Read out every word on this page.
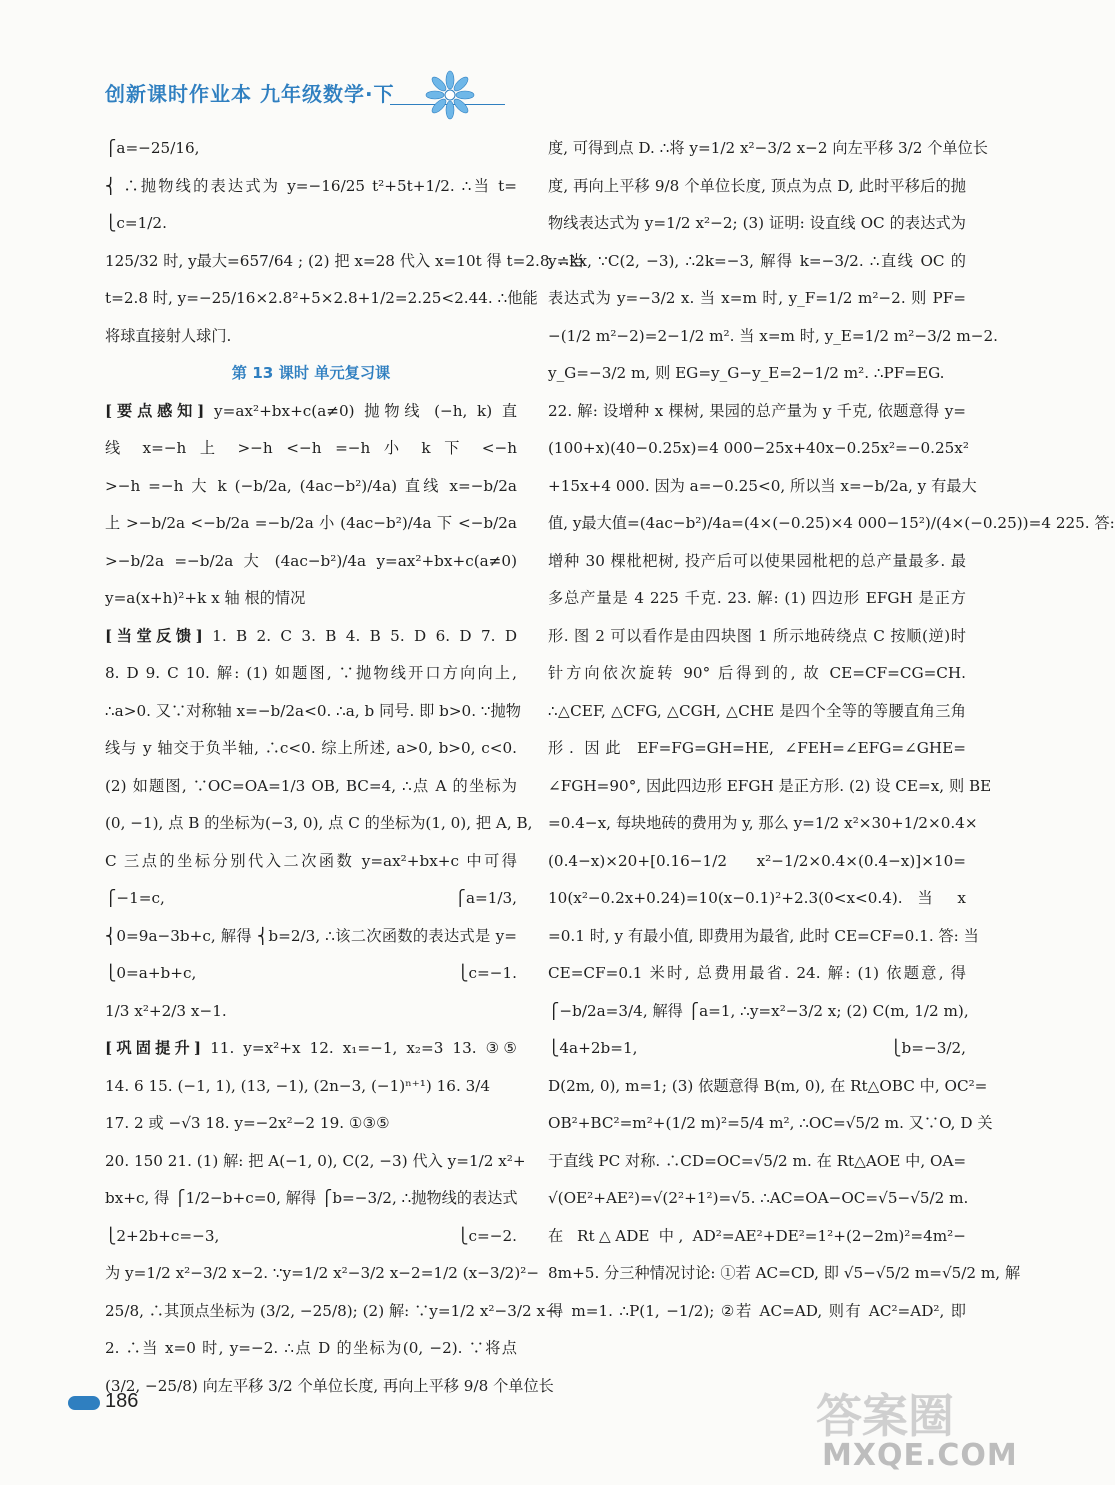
创新课时作业本 九年级数学·下

⎧a=−25/16,

⎨ ∴抛物线的表达式为 y=−16/25 t²+5t+1/2. ∴当 t=

⎩c=1/2.

125/32 时, y最大=657/64 ; (2) 把 x=28 代入 x=10t 得 t=2.8, ∴当

t=2.8 时, y=−25/16×2.8²+5×2.8+1/2=2.25<2.44. ∴他能

将球直接射人球门.

第 13 课时 单元复习课

[要点感知] y=ax²+bx+c(a≠0) 抛物线 (−h, k) 直

线 x=−h 上 >−h <−h =−h 小 k 下 <−h

>−h =−h 大 k (−b/2a, (4ac−b²)/4a) 直线 x=−b/2a

上 >−b/2a <−b/2a =−b/2a 小 (4ac−b²)/4a 下 <−b/2a

>−b/2a =−b/2a 大 (4ac−b²)/4a y=ax²+bx+c(a≠0)

y=a(x+h)²+k x 轴 根的情况

[当堂反馈] 1. B 2. C 3. B 4. B 5. D 6. D 7. D

8. D 9. C 10. 解: (1) 如题图, ∵抛物线开口方向向上,

∴a>0. 又∵对称轴 x=−b/2a<0. ∴a, b 同号. 即 b>0. ∵抛物

线与 y 轴交于负半轴, ∴c<0. 综上所述, a>0, b>0, c<0.

(2) 如题图, ∵OC=OA=1/3 OB, BC=4, ∴点 A 的坐标为

(0, −1), 点 B 的坐标为(−3, 0), 点 C 的坐标为(1, 0), 把 A, B,

C 三点的坐标分别代入二次函数 y=ax²+bx+c 中可得

⎧−1=c, ⎧a=1/3,

⎨0=9a−3b+c, 解得 ⎨b=2/3, ∴该二次函数的表达式是 y=

⎩0=a+b+c, ⎩c=−1.

1/3 x²+2/3 x−1.

[巩固提升] 11. y=x²+x 12. x₁=−1, x₂=3 13. ③⑤

14. 6 15. (−1, 1), (13, −1), (2n−3, (−1)ⁿ⁺¹) 16. 3/4

17. 2 或 −√3 18. y=−2x²−2 19. ①③⑤

20. 150 21. (1) 解: 把 A(−1, 0), C(2, −3) 代入 y=1/2 x²+

bx+c, 得 ⎧1/2−b+c=0, 解得 ⎧b=−3/2, ∴抛物线的表达式

⎩2+2b+c=−3, ⎩c=−2.

为 y=1/2 x²−3/2 x−2. ∵y=1/2 x²−3/2 x−2=1/2 (x−3/2)²−

25/8, ∴其顶点坐标为 (3/2, −25/8); (2) 解: ∵y=1/2 x²−3/2 x−

2. ∴当 x=0 时, y=−2. ∴点 D 的坐标为(0, −2). ∵将点

(3/2, −25/8) 向左平移 3/2 个单位长度, 再向上平移 9/8 个单位长

度, 可得到点 D. ∴将 y=1/2 x²−3/2 x−2 向左平移 3/2 个单位长

度, 再向上平移 9/8 个单位长度, 顶点为点 D, 此时平移后的抛

物线表达式为 y=1/2 x²−2; (3) 证明: 设直线 OC 的表达式为

y=kx, ∵C(2, −3), ∴2k=−3, 解得 k=−3/2. ∴直线 OC 的

表达式为 y=−3/2 x. 当 x=m 时, y_F=1/2 m²−2. 则 PF=

−(1/2 m²−2)=2−1/2 m². 当 x=m 时, y_E=1/2 m²−3/2 m−2.

y_G=−3/2 m, 则 EG=y_G−y_E=2−1/2 m². ∴PF=EG.

22. 解: 设增种 x 棵树, 果园的总产量为 y 千克, 依题意得 y=

(100+x)(40−0.25x)=4 000−25x+40x−0.25x²=−0.25x²

+15x+4 000. 因为 a=−0.25<0, 所以当 x=−b/2a, y 有最大

值, y最大值=(4ac−b²)/4a=(4×(−0.25)×4 000−15²)/(4×(−0.25))=4 225. 答:

增种 30 棵枇杷树, 投产后可以使果园枇杷的总产量最多. 最

多总产量是 4 225 千克. 23. 解: (1) 四边形 EFGH 是正方

形. 图 2 可以看作是由四块图 1 所示地砖绕点 C 按顺(逆)时

针方向依次旋转 90° 后得到的, 故 CE=CF=CG=CH.

∴△CEF, △CFG, △CGH, △CHE 是四个全等的等腰直角三角

形. 因此 EF=FG=GH=HE, ∠FEH=∠EFG=∠GHE=

∠FGH=90°, 因此四边形 EFGH 是正方形. (2) 设 CE=x, 则 BE

=0.4−x, 每块地砖的费用为 y, 那么 y=1/2 x²×30+1/2×0.4×

(0.4−x)×20+[0.16−1/2 x²−1/2×0.4×(0.4−x)]×10=

10(x²−0.2x+0.24)=10(x−0.1)²+2.3(0<x<0.4). 当 x

=0.1 时, y 有最小值, 即费用为最省, 此时 CE=CF=0.1. 答: 当

CE=CF=0.1 米时, 总费用最省. 24. 解: (1) 依题意, 得

⎧−b/2a=3/4, 解得 ⎧a=1, ∴y=x²−3/2 x; (2) C(m, 1/2 m),

⎩4a+2b=1, ⎩b=−3/2,

D(2m, 0), m=1; (3) 依题意得 B(m, 0), 在 Rt△OBC 中, OC²=

OB²+BC²=m²+(1/2 m)²=5/4 m², ∴OC=√5/2 m. 又∵O, D 关

于直线 PC 对称. ∴CD=OC=√5/2 m. 在 Rt△AOE 中, OA=

√(OE²+AE²)=√(2²+1²)=√5. ∴AC=OA−OC=√5−√5/2 m.

在 Rt△ADE 中, AD²=AE²+DE²=1²+(2−2m)²=4m²−

8m+5. 分三种情况讨论: ①若 AC=CD, 即 √5−√5/2 m=√5/2 m, 解

得 m=1. ∴P(1, −1/2); ②若 AC=AD, 则有 AC²=AD², 即

186	答案圈
MXQE.COM
